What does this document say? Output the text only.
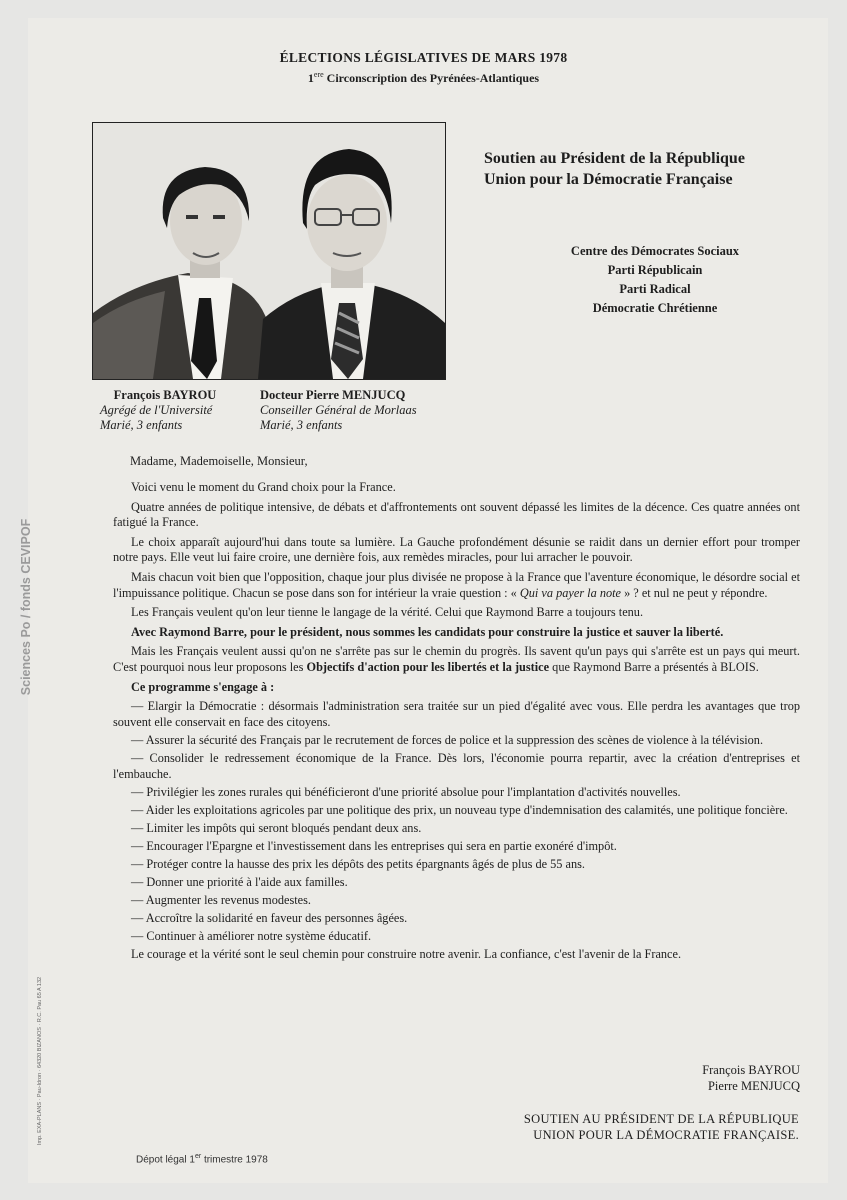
Sciences Po / fonds CEVIPOF
Imp. EXA-PLANS · Pau-Idron · 64320 BIZANOS · R.C. Pau 65 A 132
ÉLECTIONS LÉGISLATIVES DE MARS 1978
1ere Circonscription des Pyrénées-Atlantiques
François BAYROU
Agrégé de l'Université
Marié, 3 enfants
Docteur Pierre MENJUCQ
Conseiller Général de Morlaas
Marié, 3 enfants
Soutien au Président de la République
Union pour la Démocratie Française
Centre des Démocrates Sociaux
Parti Républicain
Parti Radical
Démocratie Chrétienne
Madame, Mademoiselle, Monsieur,

Voici venu le moment du Grand choix pour la France.

Quatre années de politique intensive, de débats et d'affrontements ont souvent dépassé les limites de la décence. Ces quatre années ont fatigué la France.

Le choix apparaît aujourd'hui dans toute sa lumière. La Gauche profondément désunie se raidit dans un dernier effort pour tromper notre pays. Elle veut lui faire croire, une dernière fois, aux remèdes miracles, pour lui arracher le pouvoir.

Mais chacun voit bien que l'opposition, chaque jour plus divisée ne propose à la France que l'aventure économique, le désordre social et l'impuissance politique. Chacun se pose dans son for intérieur la vraie question : « Qui va payer la note » ? et nul ne peut y répondre.

Les Français veulent qu'on leur tienne le langage de la vérité. Celui que Raymond Barre a toujours tenu.

Avec Raymond Barre, pour le président, nous sommes les candidats pour construire la justice et sauver la liberté.

Mais les Français veulent aussi qu'on ne s'arrête pas sur le chemin du progrès. Ils savent qu'un pays qui s'arrête est un pays qui meurt. C'est pourquoi nous leur proposons les Objectifs d'action pour les libertés et la justice que Raymond Barre a présentés à BLOIS.

Ce programme s'engage à :

— Elargir la Démocratie : désormais l'administration sera traitée sur un pied d'égalité avec vous. Elle perdra les avantages que trop souvent elle conservait en face des citoyens.

— Assurer la sécurité des Français par le recrutement de forces de police et la suppression des scènes de violence à la télévision.

— Consolider le redressement économique de la France. Dès lors, l'économie pourra repartir, avec la création d'entreprises et l'embauche.

— Privilégier les zones rurales qui bénéficieront d'une priorité absolue pour l'implantation d'activités nouvelles.

— Aider les exploitations agricoles par une politique des prix, un nouveau type d'indemnisation des calamités, une politique foncière.

— Limiter les impôts qui seront bloqués pendant deux ans.

— Encourager l'Epargne et l'investissement dans les entreprises qui sera en partie exonéré d'impôt.

— Protéger contre la hausse des prix les dépôts des petits épargnants âgés de plus de 55 ans.

— Donner une priorité à l'aide aux familles.

— Augmenter les revenus modestes.

— Accroître la solidarité en faveur des personnes âgées.

— Continuer à améliorer notre système éducatif.

Le courage et la vérité sont le seul chemin pour construire notre avenir. La confiance, c'est l'avenir de la France.

François BAYROU
Pierre MENJUCQ
SOUTIEN AU PRÉSIDENT DE LA RÉPUBLIQUE
UNION POUR LA DÉMOCRATIE FRANÇAISE.
Dépot légal 1er trimestre 1978
